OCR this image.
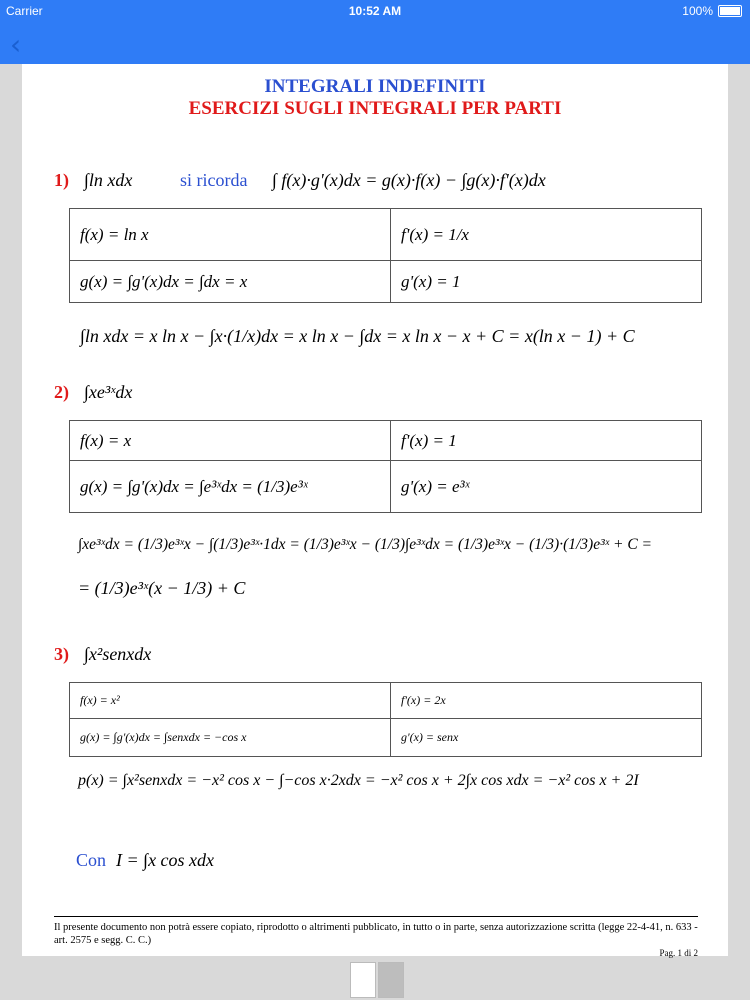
Carrier	10:52 AM	100%
‹
INTEGRALI INDEFINITI
ESERCIZI SUGLI INTEGRALI PER PARTI
1) ∫ln xdx	si ricorda ∫ f(x)·g'(x)dx = g(x)·f(x) − ∫g(x)·f'(x)dx
f(x) = ln x	f'(x) = 1/x
g(x) = ∫g'(x)dx = ∫dx = x	g'(x) = 1
∫ln xdx = x ln x − ∫x·(1/x)dx = x ln x − ∫dx = x ln x − x + C = x(ln x − 1) + C
2) ∫xe³ˣdx
f(x) = x	f'(x) = 1
g(x) = ∫g'(x)dx = ∫e³ˣdx = (1/3)e³ˣ	g'(x) = e³ˣ
∫xe³ˣdx = (1/3)e³ˣx − ∫(1/3)e³ˣ·1dx = (1/3)e³ˣx − (1/3)∫e³ˣdx = (1/3)e³ˣx − (1/3)·(1/3)e³ˣ + C =
= (1/3)e³ˣ(x − 1/3) + C
3) ∫x²senxdx
f(x) = x²	f'(x) = 2x
g(x) = ∫g'(x)dx = ∫senxdx = −cos x	g'(x) = senx
p(x) = ∫x²senxdx = −x² cos x − ∫−cos x·2xdx = −x² cos x + 2∫x cos xdx = −x² cos x + 2I
Con I = ∫x cos xdx
Il presente documento non potrà essere copiato, riprodotto o altrimenti pubblicato, in tutto o in parte, senza autorizzazione scritta (legge 22-4-41, n. 633 - art. 2575 e segg. C. C.)
Pag. 1 di 2
